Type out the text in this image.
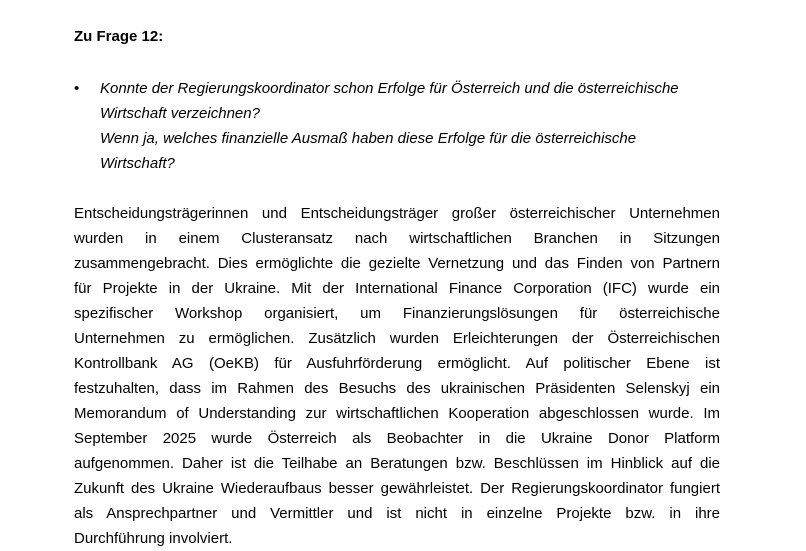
Zu Frage 12:
• Konnte der Regierungskoordinator schon Erfolge für Österreich und die österreichische
Wirtschaft verzeichnen?
Wenn ja, welches finanzielle Ausmaß haben diese Erfolge für die österreichische
Wirtschaft?
Entscheidungsträgerinnen und Entscheidungsträger großer österreichischer Unternehmen
wurden in einem Clusteransatz nach wirtschaftlichen Branchen in Sitzungen
zusammengebracht. Dies ermöglichte die gezielte Vernetzung und das Finden von Partnern
für Projekte in der Ukraine. Mit der International Finance Corporation (IFC) wurde ein
spezifischer Workshop organisiert, um Finanzierungslösungen für österreichische
Unternehmen zu ermöglichen. Zusätzlich wurden Erleichterungen der Österreichischen
Kontrollbank AG (OeKB) für Ausfuhrförderung ermöglicht. Auf politischer Ebene ist
festzuhalten, dass im Rahmen des Besuchs des ukrainischen Präsidenten Selenskyj ein
Memorandum of Understanding zur wirtschaftlichen Kooperation abgeschlossen wurde. Im
September 2025 wurde Österreich als Beobachter in die Ukraine Donor Platform
aufgenommen. Daher ist die Teilhabe an Beratungen bzw. Beschlüssen im Hinblick auf die
Zukunft des Ukraine Wiederaufbaus besser gewährleistet. Der Regierungskoordinator fungiert
als Ansprechpartner und Vermittler und ist nicht in einzelne Projekte bzw. in ihre
Durchführung involviert.
